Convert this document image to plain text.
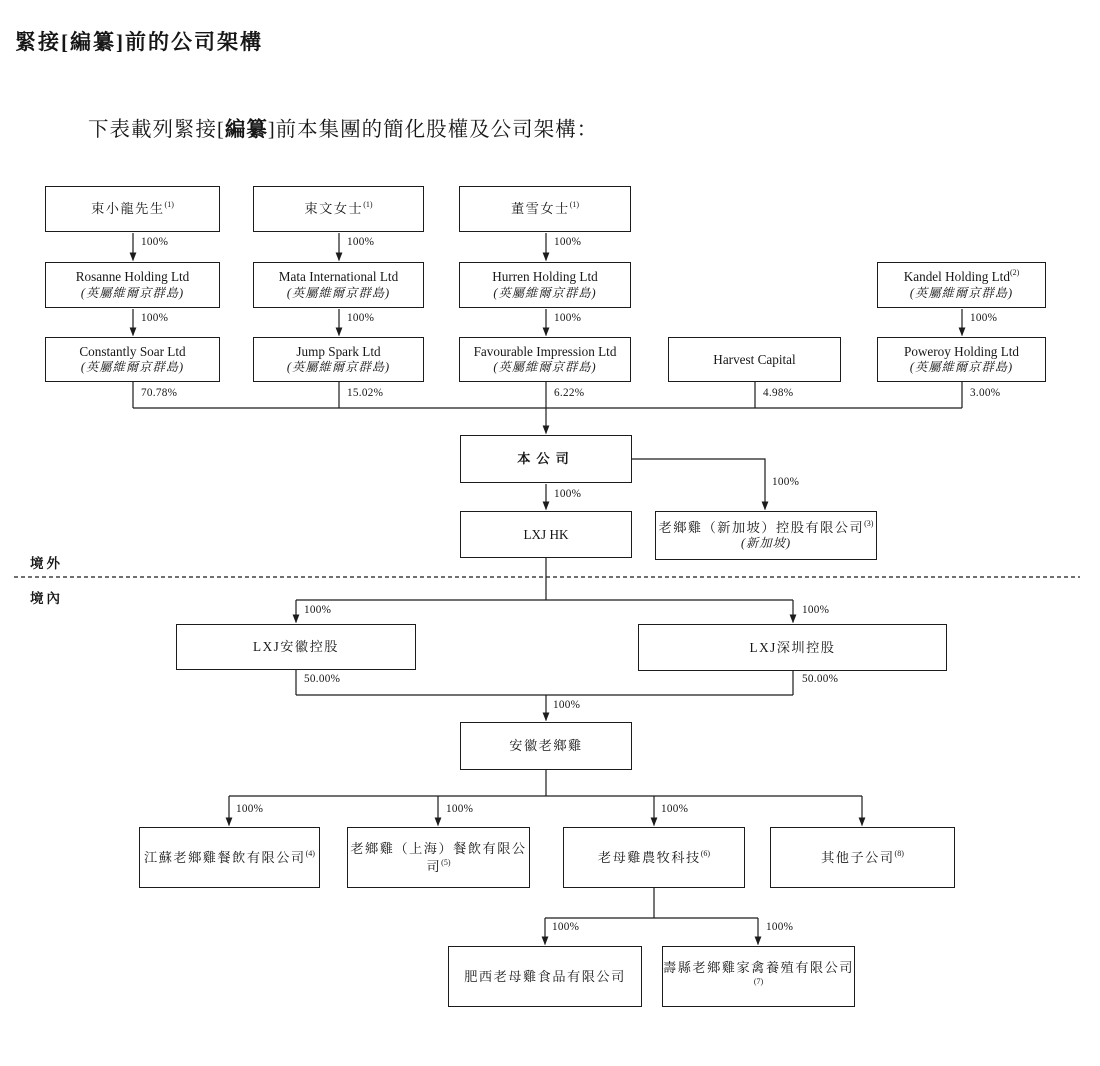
緊接[編纂]前的公司架構
下表載列緊接[編纂]前本集團的簡化股權及公司架構：
境外
境內
束小龍先生$^{(1)}$	束文女士$^{(1)}$	董雪女士$^{(1)}$
Rosanne Holding Ltd
(英屬維爾京群島)
Mata International Ltd
(英屬維爾京群島)
Hurren Holding Ltd
(英屬維爾京群島)
Kandel Holding Ltd$^{(2)}$
(英屬維爾京群島)
Constantly Soar Ltd
(英屬維爾京群島)
Jump Spark Ltd
(英屬維爾京群島)
Favourable Impression Ltd
(英屬維爾京群島)
Harvest Capital
Poweroy Holding Ltd
(英屬維爾京群島)
本公司
LXJ HK	老鄉雞（新加坡）控股有限公司$^{(3)}$
(新加坡)
LXJ安徽控股	LXJ深圳控股
安徽老鄉雞
江蘇老鄉雞餐飲有限公司$^{(4)}$	老鄉雞（上海）餐飲有限公司$^{(5)}$	老母雞農牧科技$^{(6)}$	其他子公司$^{(8)}$
肥西老母雞食品有限公司
壽縣老鄉雞家禽養殖有限公司$^{(7)}$
100%	100%	100%
100%	100%	100%	100%
70.78%	15.02%	6.22%	4.98%	3.00%
100%
100%
100%	100%
50.00%	50.00%
100%
100%	100%	100%
100%	100%
